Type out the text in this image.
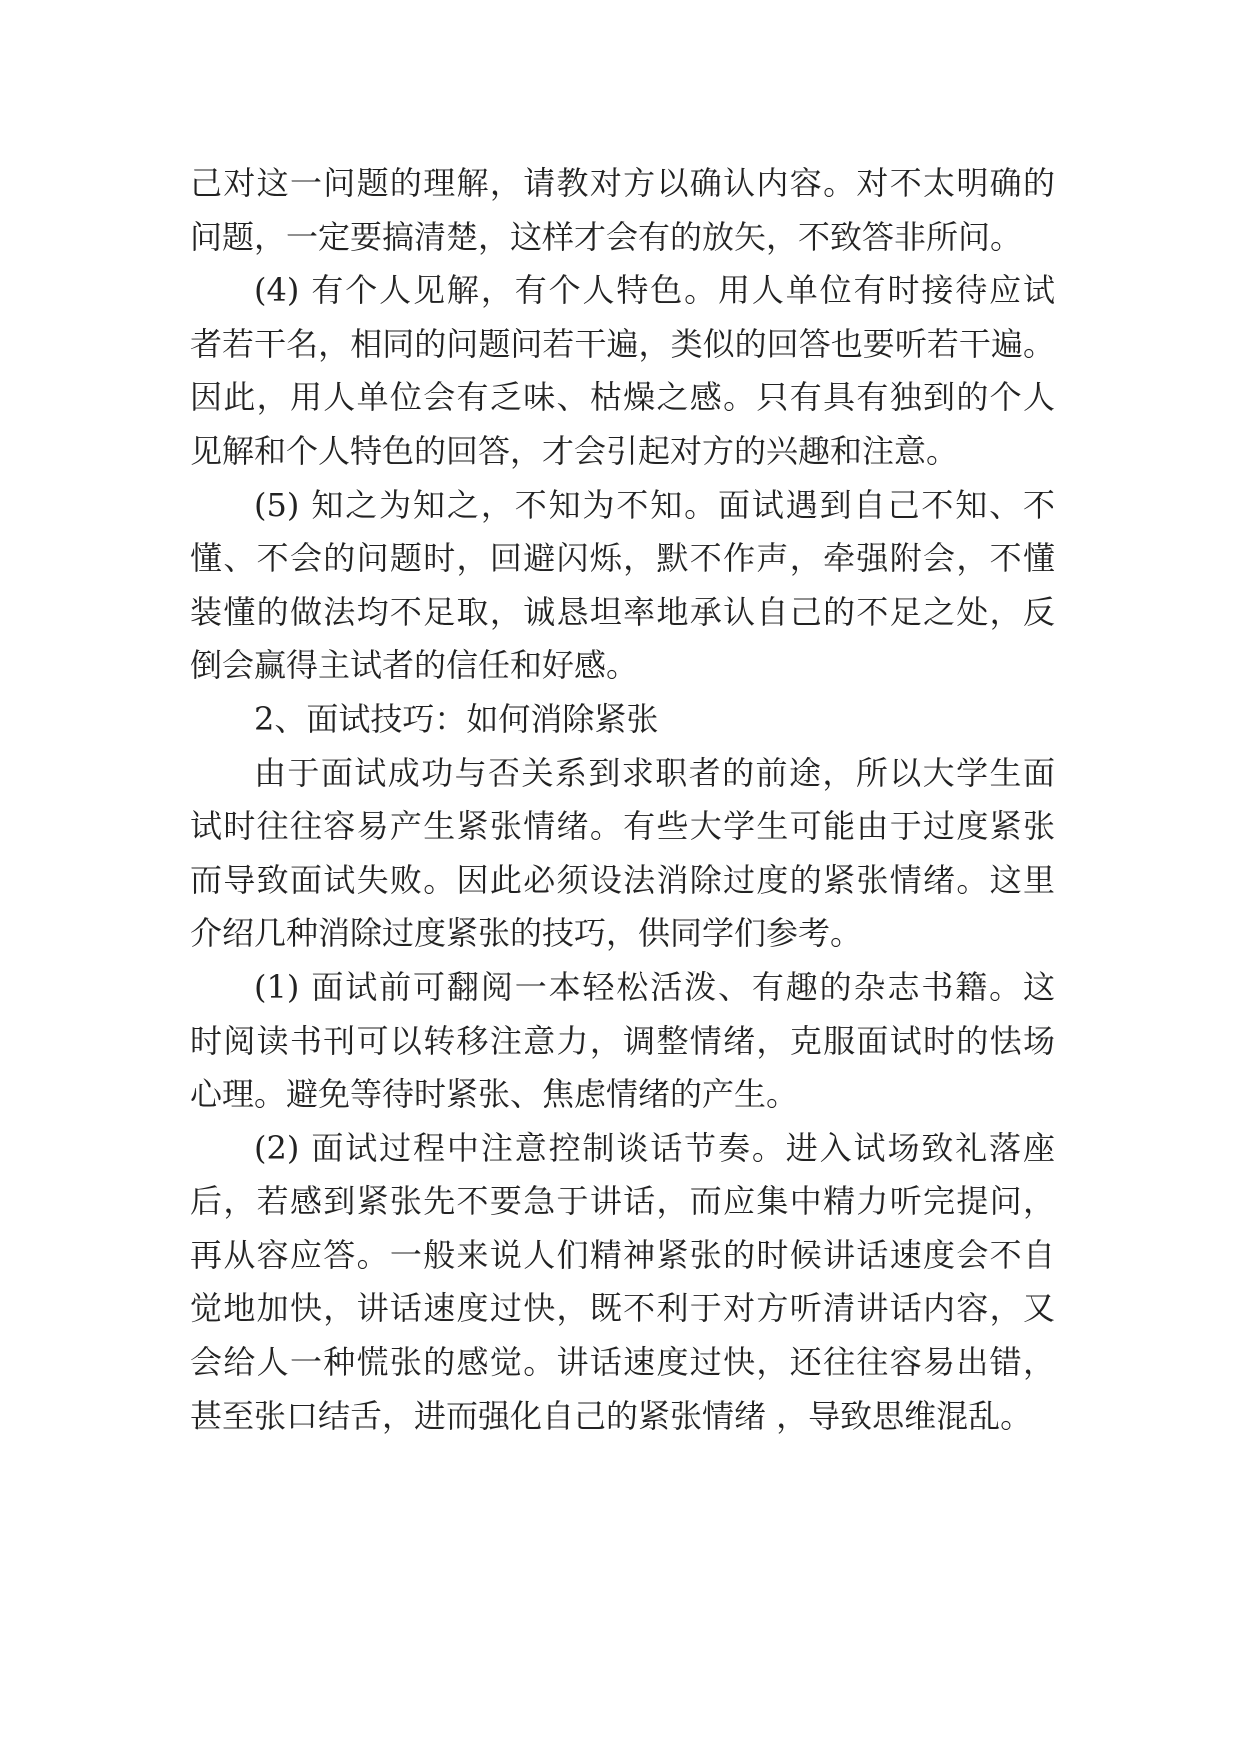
己对这一问题的理解，请教对方以确认内容。对不太明确的
问题，一定要搞清楚，这样才会有的放矢，不致答非所问。
(4) 有个人见解，有个人特色。用人单位有时接待应试
者若干名，相同的问题问若干遍，类似的回答也要听若干遍。
因此，用人单位会有乏味、枯燥之感。只有具有独到的个人
见解和个人特色的回答，才会引起对方的兴趣和注意。
(5) 知之为知之，不知为不知。面试遇到自己不知、不
懂、不会的问题时，回避闪烁，默不作声，牵强附会，不懂
装懂的做法均不足取，诚恳坦率地承认自己的不足之处，反
倒会赢得主试者的信任和好感。
2、面试技巧：如何消除紧张
由于面试成功与否关系到求职者的前途，所以大学生面
试时往往容易产生紧张情绪。有些大学生可能由于过度紧张
而导致面试失败。因此必须设法消除过度的紧张情绪。这里
介绍几种消除过度紧张的技巧，供同学们参考。
(1) 面试前可翻阅一本轻松活泼、有趣的杂志书籍。这
时阅读书刊可以转移注意力，调整情绪，克服面试时的怯场
心理。避免等待时紧张、焦虑情绪的产生。
(2) 面试过程中注意控制谈话节奏。进入试场致礼落座
后，若感到紧张先不要急于讲话，而应集中精力听完提问，
再从容应答。一般来说人们精神紧张的时候讲话速度会不自
觉地加快，讲话速度过快，既不利于对方听清讲话内容，又
会给人一种慌张的感觉。讲话速度过快，还往往容易出错，
甚至张口结舌，进而强化自己的紧张情绪 ，导致思维混乱。
